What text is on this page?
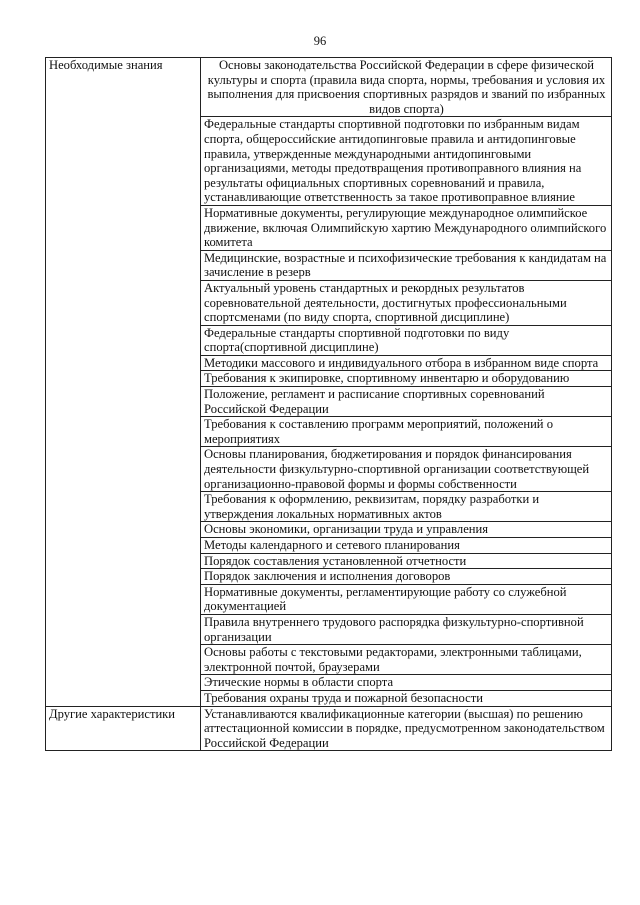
96
Необходимые знания	Основы законодательства Российской Федерации в сфере физической культуры и спорта (правила вида спорта, нормы, требования и условия их выполнения для присвоения спортивных разрядов и званий по избранных видов спорта)
	Федеральные стандарты спортивной подготовки по избранным видам спорта, общероссийские антидопинговые правила и антидопинговые правила, утвержденные международными антидопинговыми организациями, методы предотвращения противоправного влияния на результаты официальных спортивных соревнований и правила, устанавливающие ответственность за такое противоправное влияние
	Нормативные документы, регулирующие международное олимпийское движение, включая Олимпийскую хартию Международного олимпийского комитета
	Медицинские, возрастные и психофизические требования к кандидатам на зачисление в резерв
	Актуальный уровень стандартных и рекордных результатов соревновательной деятельности, достигнутых профессиональными спортсменами (по виду спорта, спортивной дисциплине)
	Федеральные стандарты спортивной подготовки по виду спорта(спортивной дисциплине)
	Методики массового и индивидуального отбора в избранном виде спорта
	Требования к экипировке, спортивному инвентарю и оборудованию
	Положение, регламент и расписание спортивных соревнований Российской Федерации
	Требования к составлению программ мероприятий, положений о мероприятиях
	Основы планирования, бюджетирования и порядок финансирования деятельности физкультурно-спортивной организации соответствующей организационно-правовой формы и формы собственности
	Требования к оформлению, реквизитам, порядку разработки и утверждения локальных нормативных актов
	Основы экономики, организации труда и управления
	Методы календарного и сетевого планирования
	Порядок составления установленной отчетности
	Порядок заключения и исполнения договоров
	Нормативные документы, регламентирующие работу со служебной документацией
	Правила внутреннего трудового распорядка физкультурно-спортивной организации
	Основы работы с текстовыми редакторами, электронными таблицами, электронной почтой, браузерами
	Этические нормы в области спорта
	Требования охраны труда и пожарной безопасности
Другие характеристики	Устанавливаются квалификационные категории (высшая) по решению аттестационной комиссии в порядке, предусмотренном законодательством Российской Федерации
